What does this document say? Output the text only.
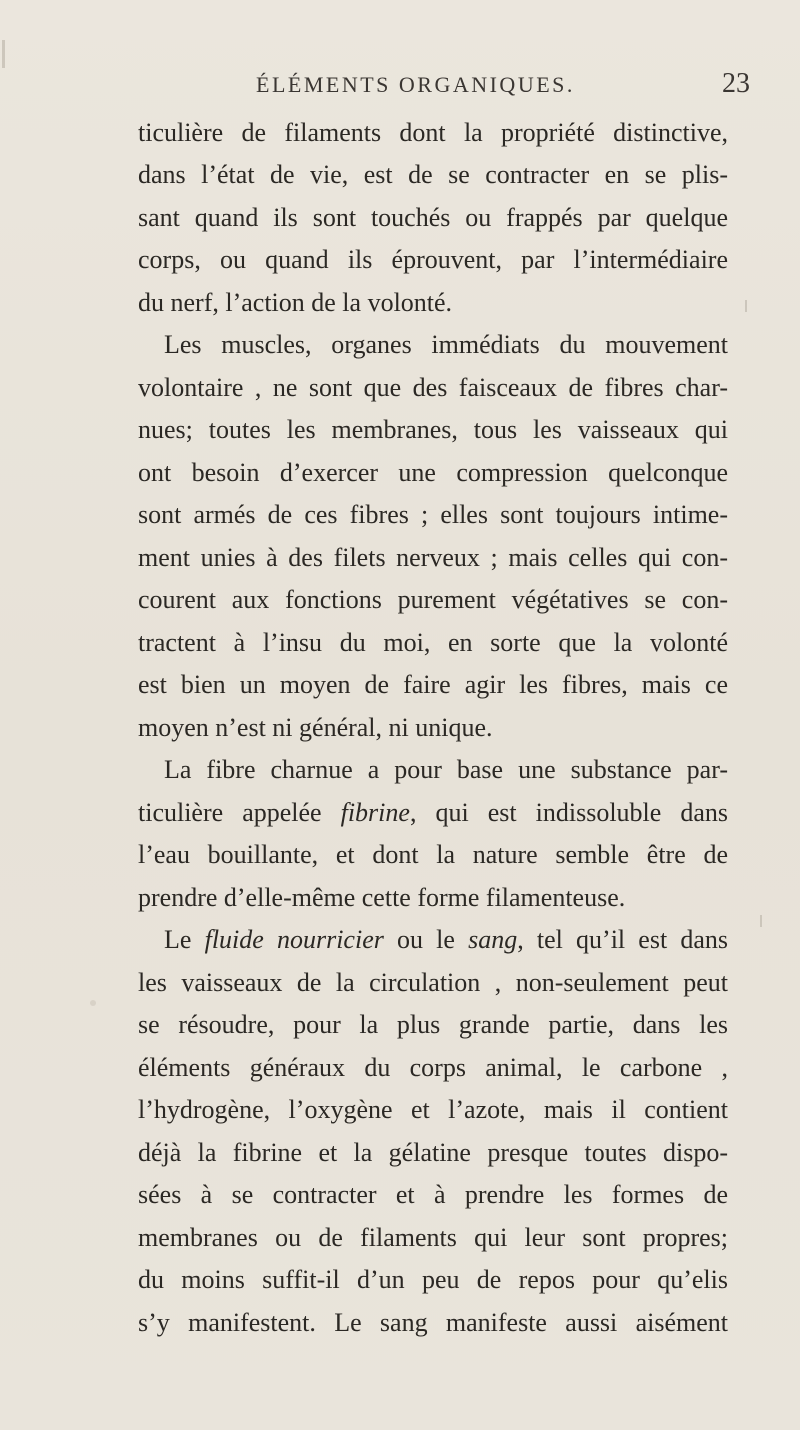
ÉLÉMENTS ORGANIQUES.	23
ticulière de filaments dont la propriété distinctive,
dans l’état de vie, est de se contracter en se plis-
sant quand ils sont touchés ou frappés par quelque
corps, ou quand ils éprouvent, par l’intermédiaire
du nerf, l’action de la volonté.
Les muscles, organes immédiats du mouvement
volontaire , ne sont que des faisceaux de fibres char-
nues; toutes les membranes, tous les vaisseaux qui
ont besoin d’exercer une compression quelconque
sont armés de ces fibres ; elles sont toujours intime-
ment unies à des filets nerveux ; mais celles qui con-
courent aux fonctions purement végétatives se con-
tractent à l’insu du moi, en sorte que la volonté
est bien un moyen de faire agir les fibres, mais ce
moyen n’est ni général, ni unique.
La fibre charnue a pour base une substance par-
ticulière appelée fibrine, qui est indissoluble dans
l’eau bouillante, et dont la nature semble être de
prendre d’elle-même cette forme filamenteuse.
Le fluide nourricier ou le sang, tel qu’il est dans
les vaisseaux de la circulation , non-seulement peut
se résoudre, pour la plus grande partie, dans les
éléments généraux du corps animal, le carbone ,
l’hydrogène, l’oxygène et l’azote, mais il contient
déjà la fibrine et la gélatine presque toutes dispo-
sées à se contracter et à prendre les formes de
membranes ou de filaments qui leur sont propres;
du moins suffit-il d’un peu de repos pour qu’elis
s’y manifestent. Le sang manifeste aussi aisément
